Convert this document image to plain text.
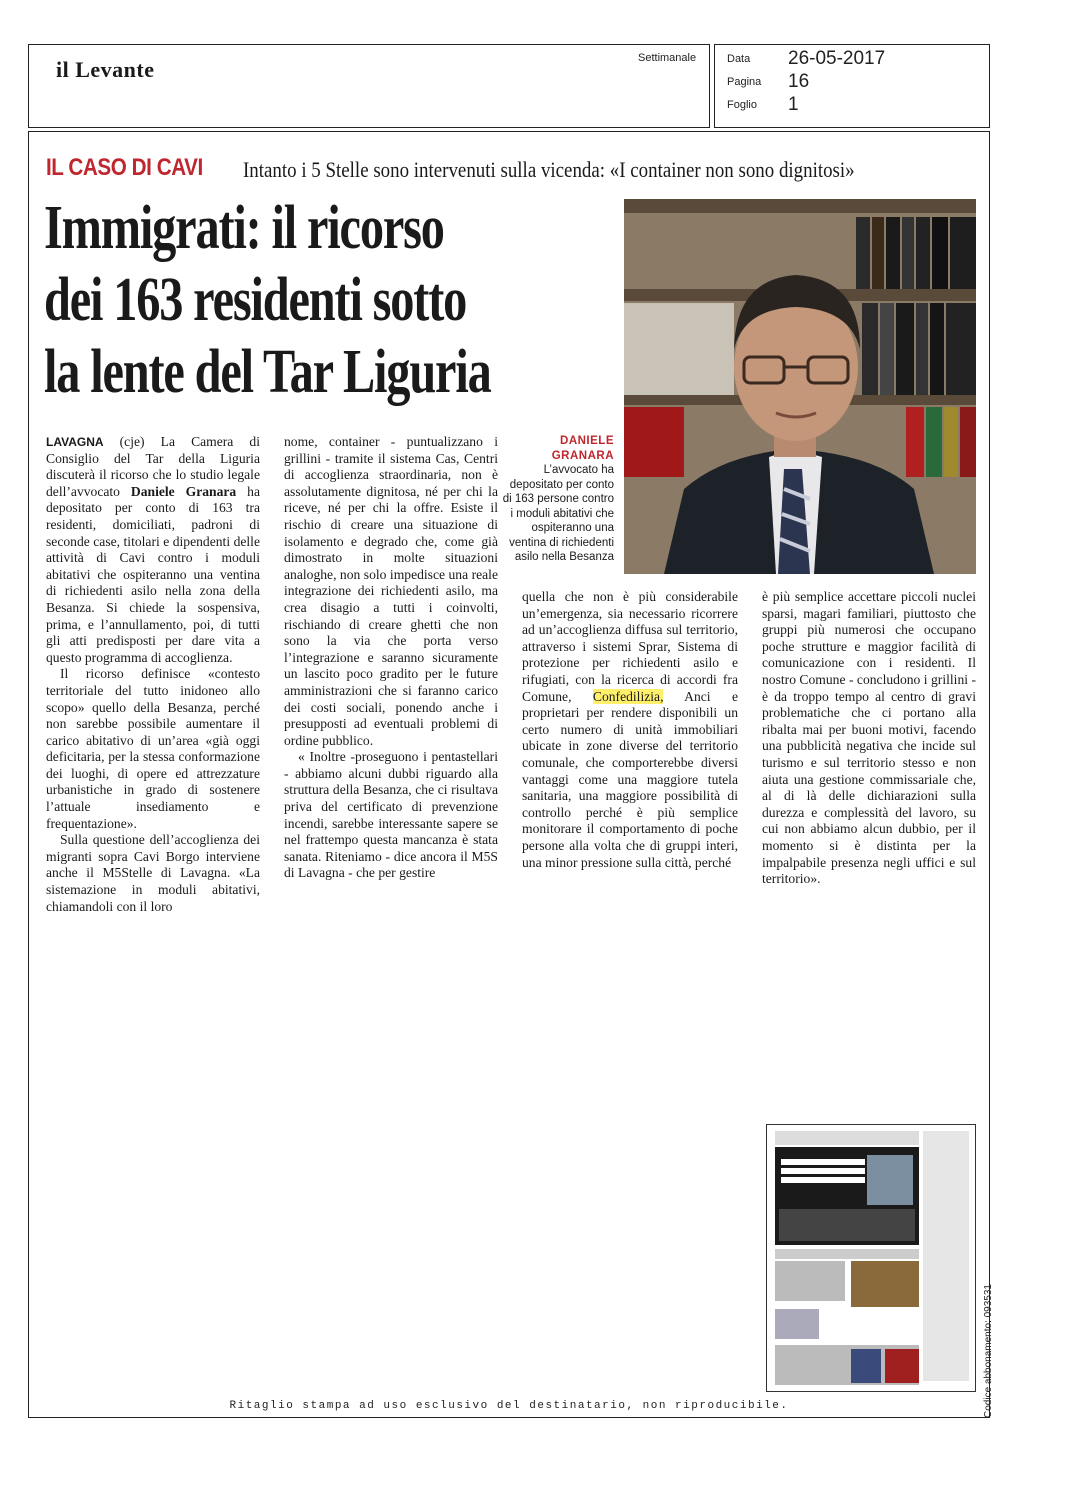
il Levante	Settimanale	Data 26-05-2017
Pagina 16
Foglio 1
IL CASO DI CAVI Intanto i 5 Stelle sono intervenuti sulla vicenda: «I container non sono dignitosi»
Immigrati: il ricorso
dei 163 residenti sotto
la lente del Tar Liguria
DANIELE GRANARA
L’avvocato ha depositato per conto di 163 persone contro i moduli abitativi che ospiteranno una ventina di richiedenti asilo nella Besanza

LAVAGNA (cje) La Camera di Consiglio del Tar della Liguria discuterà il ricorso che lo studio legale dell’avvocato Daniele Granara ha depositato per conto di 163 tra residenti, domiciliati, padroni di seconde case, titolari e dipendenti delle attività di Cavi contro i moduli abitativi che ospiteranno una ventina di richiedenti asilo nella zona della Besanza. Si chiede la sospensiva, prima, e l’annullamento, poi, di tutti gli atti predisposti per dare vita a questo programma di accoglienza.

Il ricorso definisce «contesto territoriale del tutto inidoneo allo scopo» quello della Besanza, perché non sarebbe possibile aumentare il carico abitativo di un’area «già oggi deficitaria, per la stessa conformazione dei luoghi, di opere ed attrezzature urbanistiche in grado di sostenere l’attuale insediamento e frequentazione».

Sulla questione dell’accoglienza dei migranti sopra Cavi Borgo interviene anche il M5Stelle di Lavagna. «La sistemazione in moduli abitativi, chiamandoli con il loro

nome, container - puntualizzano i grillini - tramite il sistema Cas, Centri di accoglienza straordinaria, non è assolutamente dignitosa, né per chi la riceve, né per chi la offre. Esiste il rischio di creare una situazione di isolamento e degrado che, come già dimostrato in molte situazioni analoghe, non solo impedisce una reale integrazione dei richiedenti asilo, ma crea disagio a tutti i coinvolti, rischiando di creare ghetti che non sono la via che porta verso l’integrazione e saranno sicuramente un lascito poco gradito per le future amministrazioni che si faranno carico dei costi sociali, ponendo anche i presupposti ad eventuali problemi di ordine pubblico.

« Inoltre -proseguono i pentastellari - abbiamo alcuni dubbi riguardo alla struttura della Besanza, che ci risultava priva del certificato di prevenzione incendi, sarebbe interessante sapere se nel frattempo questa mancanza è stata sanata. Riteniamo - dice ancora il M5S di Lavagna - che per gestire

quella che non è più considerabile un’emergenza, sia necessario ricorrere ad un’accoglienza diffusa sul territorio, attraverso i sistemi Sprar, Sistema di protezione per richiedenti asilo e rifugiati, con la ricerca di accordi fra Comune, Confedilizia, Anci e proprietari per rendere disponibili un certo numero di unità immobiliari ubicate in zone diverse del territorio comunale, che comporterebbe diversi vantaggi come una maggiore tutela sanitaria, una maggiore possibilità di controllo perché è più semplice monitorare il comportamento di poche persone alla volta che di gruppi interi, una minor pressione sulla città, perché

è più semplice accettare piccoli nuclei sparsi, magari familiari, piuttosto che gruppi più numerosi che occupano poche strutture e maggior facilità di comunicazione con i residenti. Il nostro Comune - concludono i grillini - è da troppo tempo al centro di gravi problematiche che ci portano alla ribalta mai per buoni motivi, facendo una pubblicità negativa che incide sul turismo e sul territorio stesso e non aiuta una gestione commissariale che, al di là delle dichiarazioni sulla durezza e complessità del lavoro, su cui non abbiamo alcun dubbio, per il momento si è distinta per la impalpabile presenza negli uffici e sul territorio».

Codice abbonamento: 093531
Ritaglio stampa ad uso esclusivo del destinatario, non riproducibile.
